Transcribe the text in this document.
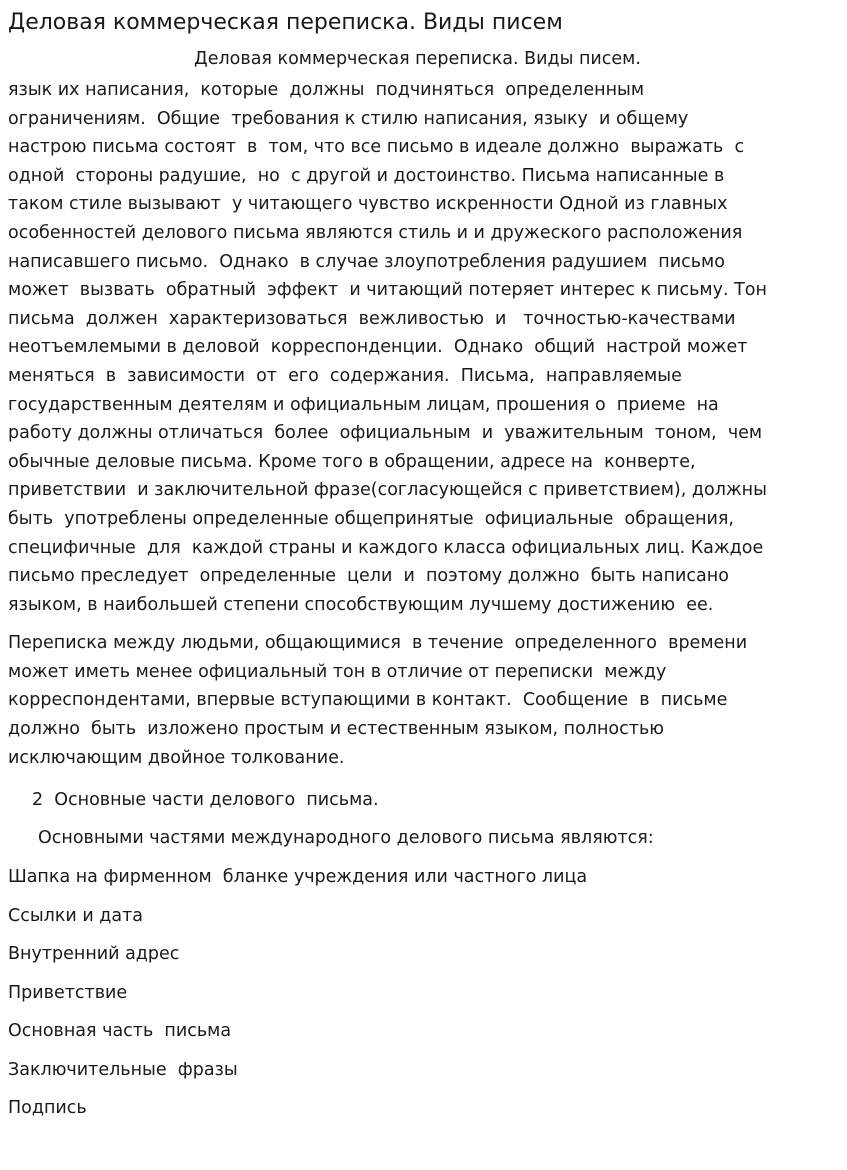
Деловая коммерческая переписка. Виды писем
Деловая коммерческая переписка. Виды писем.

язык их написания,  которые  должны  подчиняться  определенным
ограничениям.  Общие  требования к стилю написания, языку  и общему
настрою письма состоят  в  том, что все письмо в идеале должно  выражать  с
одной  стороны радушие,  но  с другой и достоинство. Письма написанные в
таком стиле вызывают  у читающего чувство искренности Одной из главных
особенностей делового письма являются стиль и и дружеского расположения
написавшего письмо.  Однако  в случае злоупотребления радушием  письмо
может  вызвать  обратный  эффект  и читающий потеряет интерес к письму. Тон
письма  должен  характеризоваться  вежливостью  и   точностью-качествами
неотъемлемыми в деловой  корреспонденции.  Однако  общий  настрой может
меняться  в  зависимости  от  его  содержания.  Письма,  направляемые
государственным деятелям и официальным лицам, прошения о  приеме  на
работу должны отличаться  более  официальным  и  уважительным  тоном,  чем
обычные деловые письма. Кроме того в обращении, адресе на  конверте,
приветствии  и заключительной фразе(согласующейся с приветствием), должны
быть  употреблены определенные общепринятые  официальные  обращения,
специфичные  для  каждой страны и каждого класса официальных лиц. Каждое
письмо преследует  определенные  цели  и  поэтому должно  быть написано
языком, в наибольшей степени способствующим лучшему достижению  ее.

Переписка между людьми, общающимися  в течение  определенного  времени
может иметь менее официальный тон в отличие от переписки  между
корреспондентами, впервые вступающими в контакт.  Сообщение  в  письме
должно  быть  изложено простым и естественным языком, полностью
исключающим двойное толкование.

2  Основные части делового  письма.

Основными частями международного делового письма являются:

Шапка на фирменном  бланке учреждения или частного лица
Ссылки и дата
Внутренний адрес
Приветствие
Основная часть  письма
Заключительные  фразы
Подпись
